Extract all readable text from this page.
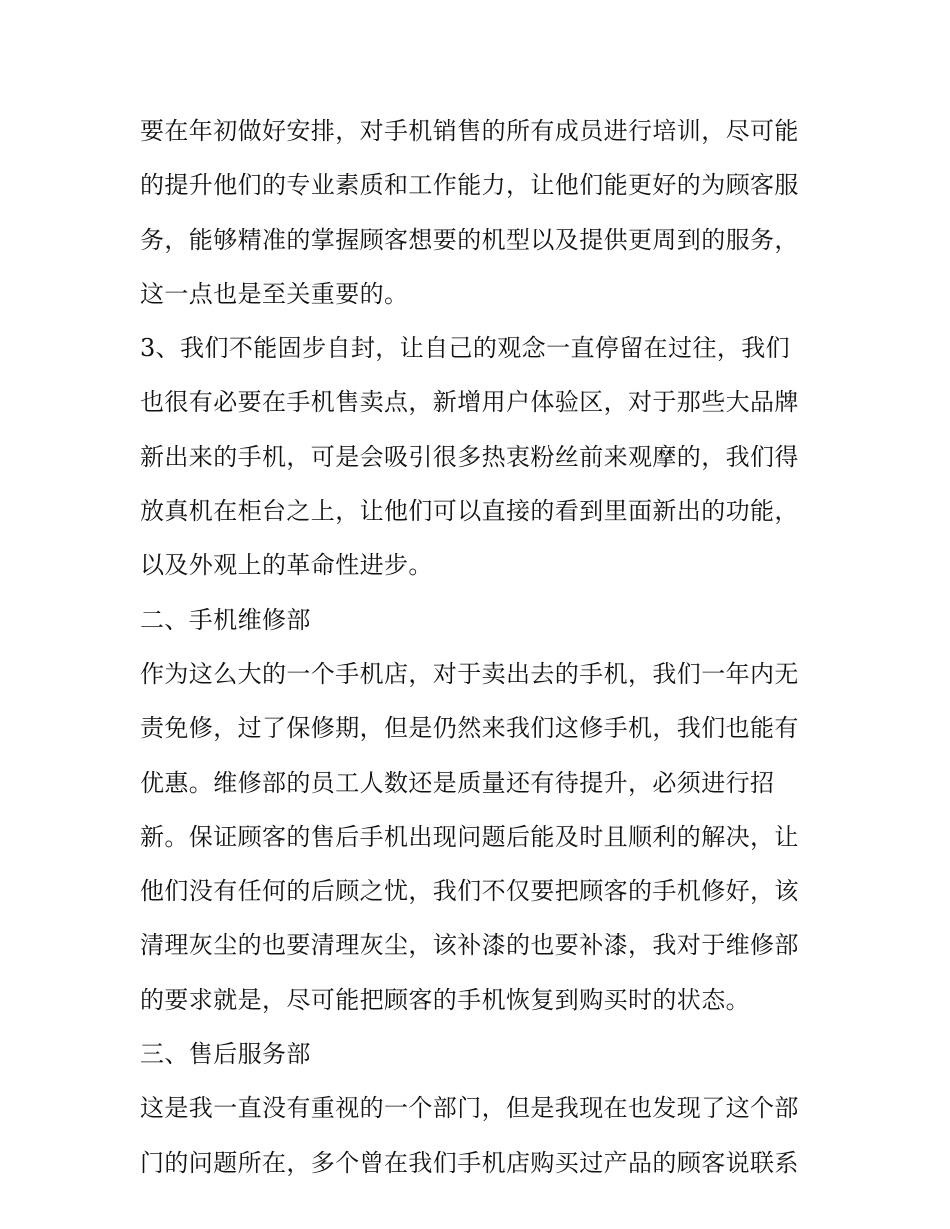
要在年初做好安排，对手机销售的所有成员进行培训，尽可能
的提升他们的专业素质和工作能力，让他们能更好的为顾客服
务，能够精准的掌握顾客想要的机型以及提供更周到的服务，
这一点也是至关重要的。
3、我们不能固步自封，让自己的观念一直停留在过往，我们
也很有必要在手机售卖点，新增用户体验区，对于那些大品牌
新出来的手机，可是会吸引很多热衷粉丝前来观摩的，我们得
放真机在柜台之上，让他们可以直接的看到里面新出的功能，
以及外观上的革命性进步。
二、手机维修部
作为这么大的一个手机店，对于卖出去的手机，我们一年内无
责免修，过了保修期，但是仍然来我们这修手机，我们也能有
优惠。维修部的员工人数还是质量还有待提升，必须进行招
新。保证顾客的售后手机出现问题后能及时且顺利的解决，让
他们没有任何的后顾之忧，我们不仅要把顾客的手机修好，该
清理灰尘的也要清理灰尘，该补漆的也要补漆，我对于维修部
的要求就是，尽可能把顾客的手机恢复到购买时的状态。
三、售后服务部
这是我一直没有重视的一个部门，但是我现在也发现了这个部
门的问题所在，多个曾在我们手机店购买过产品的顾客说联系
